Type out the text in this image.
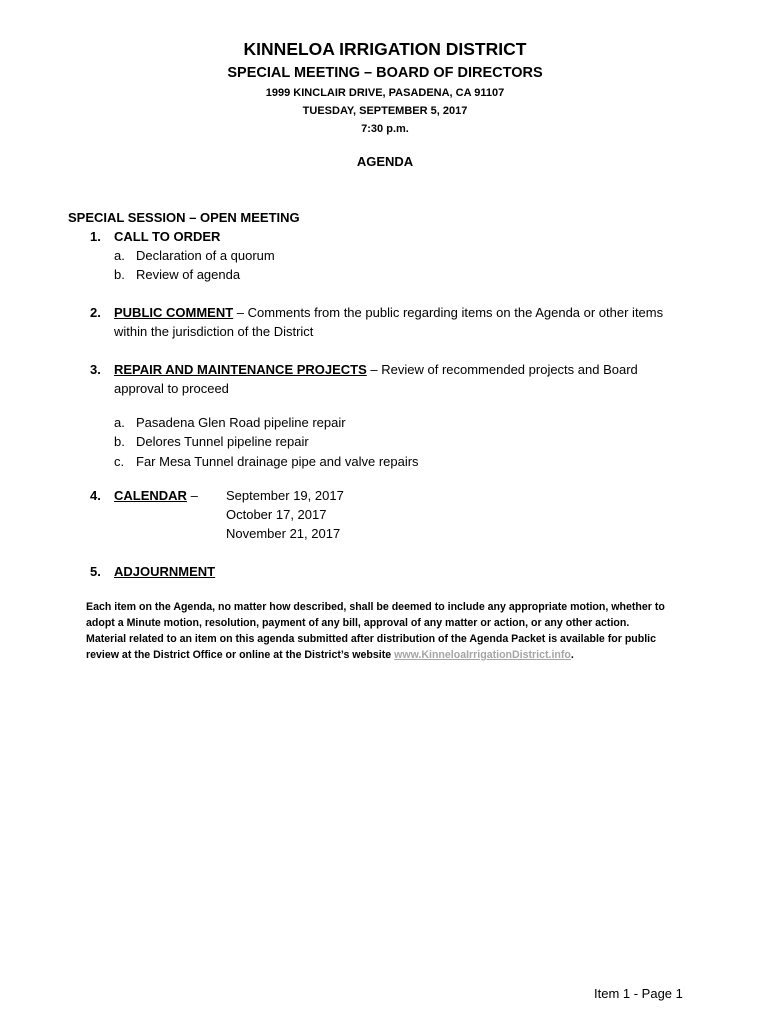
KINNELOA IRRIGATION DISTRICT
SPECIAL MEETING – BOARD OF DIRECTORS
1999 KINCLAIR DRIVE, PASADENA, CA 91107
TUESDAY, SEPTEMBER 5, 2017
7:30 p.m.
AGENDA
SPECIAL SESSION – OPEN MEETING
1.	CALL TO ORDER
a. Declaration of a quorum
b. Review of agenda
2.	PUBLIC COMMENT – Comments from the public regarding items on the Agenda or other items
within the jurisdiction of the District
3.	REPAIR AND MAINTENANCE PROJECTS – Review of recommended projects and Board
approval to proceed
a. Pasadena Glen Road pipeline repair
b. Delores Tunnel pipeline repair
c. Far Mesa Tunnel drainage pipe and valve repairs
4.	CALENDAR – September 19, 2017
October 17, 2017
November 21, 2017
5.	ADJOURNMENT
Each item on the Agenda, no matter how described, shall be deemed to include any appropriate motion, whether to
adopt a Minute motion, resolution, payment of any bill, approval of any matter or action, or any other action.
Material related to an item on this agenda submitted after distribution of the Agenda Packet is available for public
review at the District Office or online at the District’s website www.KinneloaIrrigationDistrict.info.
Item 1 - Page 1
